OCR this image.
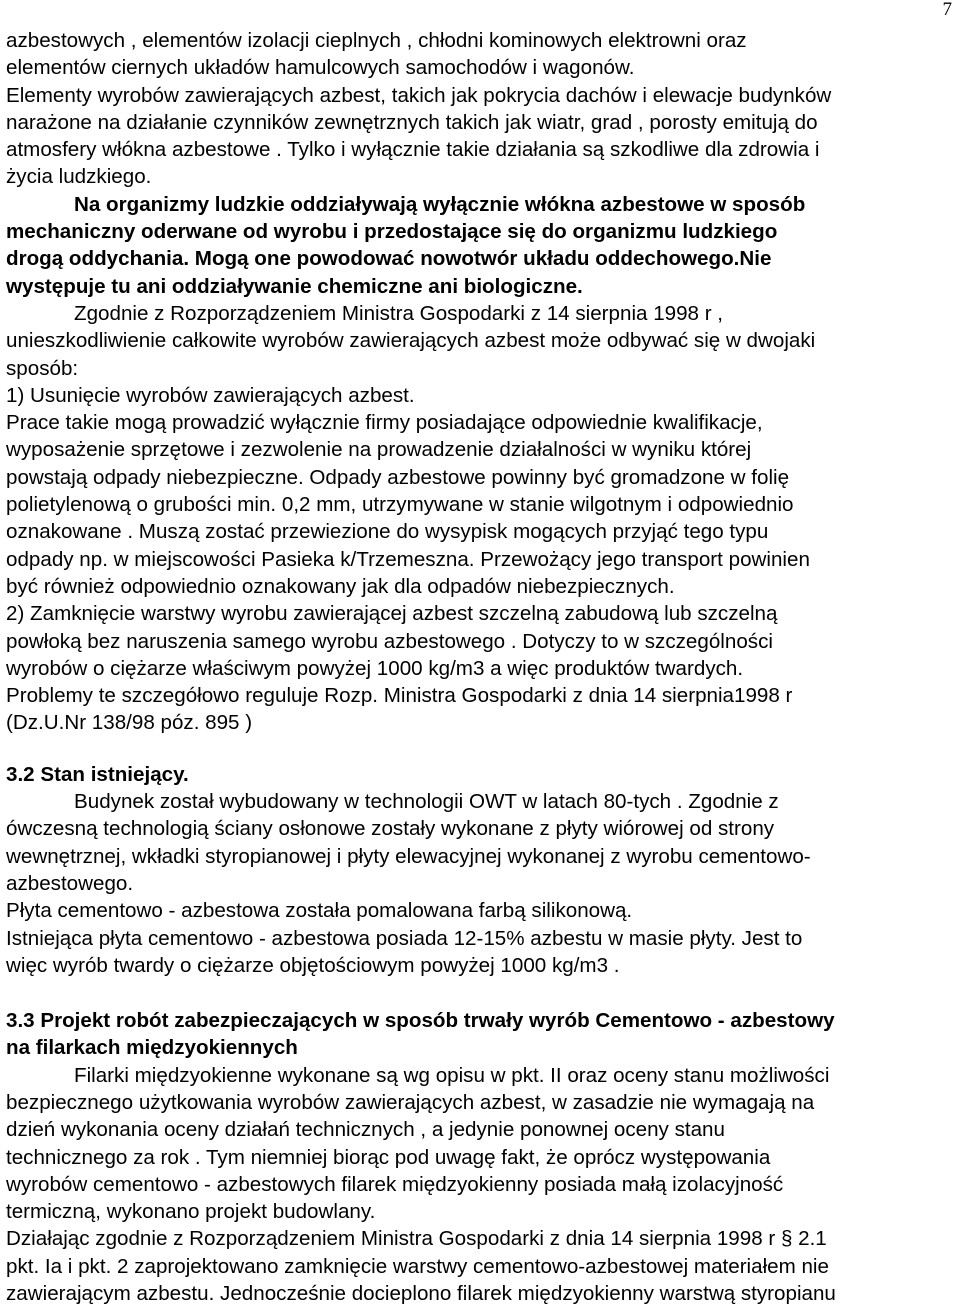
7
azbestowych , elementów izolacji cieplnych , chłodni kominowych elektrowni oraz
elementów ciernych układów hamulcowych samochodów i wagonów.
Elementy wyrobów zawierających azbest, takich jak pokrycia dachów i elewacje budynków
narażone na działanie czynników zewnętrznych takich jak wiatr, grad , porosty emitują do
atmosfery włókna azbestowe . Tylko i wyłącznie takie działania są szkodliwe dla zdrowia i
życia ludzkiego.
Na organizmy ludzkie oddziaływają wyłącznie włókna azbestowe w sposób
mechaniczny oderwane od wyrobu i przedostające się do organizmu ludzkiego
drogą oddychania. Mogą one powodować nowotwór układu oddechowego.Nie
występuje tu ani oddziaływanie chemiczne ani biologiczne.
Zgodnie z Rozporządzeniem Ministra Gospodarki z 14 sierpnia 1998 r ,
unieszkodliwienie całkowite wyrobów zawierających azbest może odbywać się w dwojaki
sposób:
1) Usunięcie wyrobów zawierających azbest.
Prace takie mogą prowadzić wyłącznie firmy posiadające odpowiednie kwalifikacje,
wyposażenie sprzętowe i zezwolenie na prowadzenie działalności w wyniku której
powstają odpady niebezpieczne. Odpady azbestowe powinny być gromadzone w folię
polietylenową o grubości min. 0,2 mm, utrzymywane w stanie wilgotnym i odpowiednio
oznakowane . Muszą zostać przewiezione do wysypisk mogących przyjąć tego typu
odpady np. w miejscowości Pasieka k/Trzemeszna. Przewożący jego transport powinien
być również odpowiednio oznakowany jak dla odpadów niebezpiecznych.
2) Zamknięcie warstwy wyrobu zawierającej azbest szczelną zabudową lub szczelną
powłoką bez naruszenia samego wyrobu azbestowego . Dotyczy to w szczególności
wyrobów o ciężarze właściwym powyżej 1000 kg/m3 a więc produktów twardych.
Problemy te szczegółowo reguluje Rozp. Ministra Gospodarki z dnia 14 sierpnia1998 r
(Dz.U.Nr 138/98 póz. 895 )
3.2 Stan istniejący.
Budynek został wybudowany w technologii OWT w latach 80-tych . Zgodnie z
ówczesną technologią ściany osłonowe zostały wykonane z płyty wiórowej od strony
wewnętrznej, wkładki styropianowej i płyty elewacyjnej wykonanej z wyrobu cementowo-
azbestowego.
Płyta cementowo - azbestowa została pomalowana farbą silikonową.
Istniejąca płyta cementowo - azbestowa posiada 12-15% azbestu w masie płyty. Jest to
więc wyrób twardy o ciężarze objętościowym powyżej 1000 kg/m3 .
3.3 Projekt robót zabezpieczających w sposób trwały wyrób Cementowo - azbestowy
na filarkach międzyokiennych
Filarki międzyokienne wykonane są wg opisu w pkt. II oraz oceny stanu możliwości
bezpiecznego użytkowania wyrobów zawierających azbest, w zasadzie nie wymagają na
dzień wykonania oceny działań technicznych , a jedynie ponownej oceny stanu
technicznego za rok . Tym niemniej biorąc pod uwagę fakt, że oprócz występowania
wyrobów cementowo - azbestowych filarek międzyokienny posiada małą izolacyjność
termiczną, wykonano projekt budowlany.
Działając zgodnie z Rozporządzeniem Ministra Gospodarki z dnia 14 sierpnia 1998 r § 2.1
pkt. Ia i pkt. 2 zaprojektowano zamknięcie warstwy cementowo-azbestowej materiałem nie
zawierającym azbestu. Jednocześnie docieplono filarek międzyokienny warstwą styropianu
